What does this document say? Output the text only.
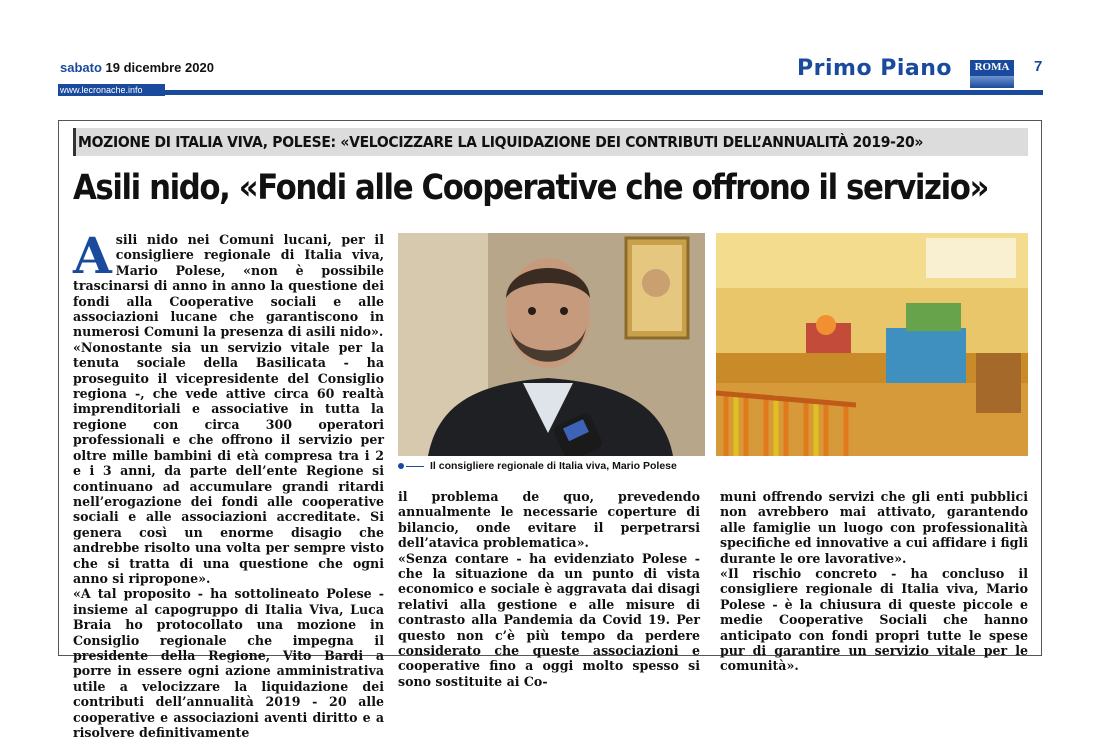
sabato 19 dicembre 2020
www.lecronache.info
Primo Piano	ROMA	7
MOZIONE DI ITALIA VIVA, POLESE: «VELOCIZZARE LA LIQUIDAZIONE DEI CONTRIBUTI DELL’ANNUALITÀ 2019-20»
Asili nido, «Fondi alle Cooperative che offrono il servizio»

Asili nido nei Comuni lucani, per il consigliere regionale di Italia viva, Mario Polese, «non è possibile trascinarsi di anno in anno la questione dei fondi alla Cooperative sociali e alle associazioni lucane che garantiscono in numerosi Comuni la presenza di asili nido».

«Nonostante sia un servizio vitale per la tenuta sociale della Basilicata - ha proseguito il vicepresidente del Consiglio regiona -, che vede attive circa 60 realtà imprenditoriali e associative in tutta la regione con circa 300 operatori professionali e che offrono il servizio per oltre mille bambini di età compresa tra i 2 e i 3 anni, da parte dell’ente Regione si continuano ad accumulare grandi ritardi nell’erogazione dei fondi alle cooperative sociali e alle associazioni accreditate. Si genera così un enorme disagio che andrebbe risolto una volta per sempre visto che si tratta di una questione che ogni anno si ripropone».

«A tal proposito - ha sottolineato Polese - insieme al capogruppo di Italia Viva, Luca Braia ho protocollato una mozione in Consiglio regionale che impegna il presidente della Regione, Vito Bardi a porre in essere ogni azione amministrativa utile a velocizzare la liquidazione dei contributi dell’annualità 2019 - 20 alle cooperative e associazioni aventi diritto e a risolvere definitivamente

Il consigliere regionale di Italia viva, Mario Polese

il problema de quo, prevedendo annualmente le necessarie coperture di bilancio, onde evitare il perpetrarsi dell’atavica problematica».

«Senza contare - ha evidenziato Polese - che la situazione da un punto di vista economico e sociale è aggravata dai disagi relativi alla gestione e alle misure di contrasto alla Pandemia da Covid 19. Per questo non c’è più tempo da perdere considerato che queste associazioni e cooperative fino a oggi molto spesso si sono sostituite ai Co-

muni offrendo servizi che gli enti pubblici non avrebbero mai attivato, garantendo alle famiglie un luogo con professionalità specifiche ed innovative a cui affidare i figli durante le ore lavorative».

«Il rischio concreto - ha concluso il consigliere regionale di Italia viva, Mario Polese - è la chiusura di queste piccole e medie Cooperative Sociali che hanno anticipato con fondi propri tutte le spese pur di garantire un servizio vitale per le comunità».
